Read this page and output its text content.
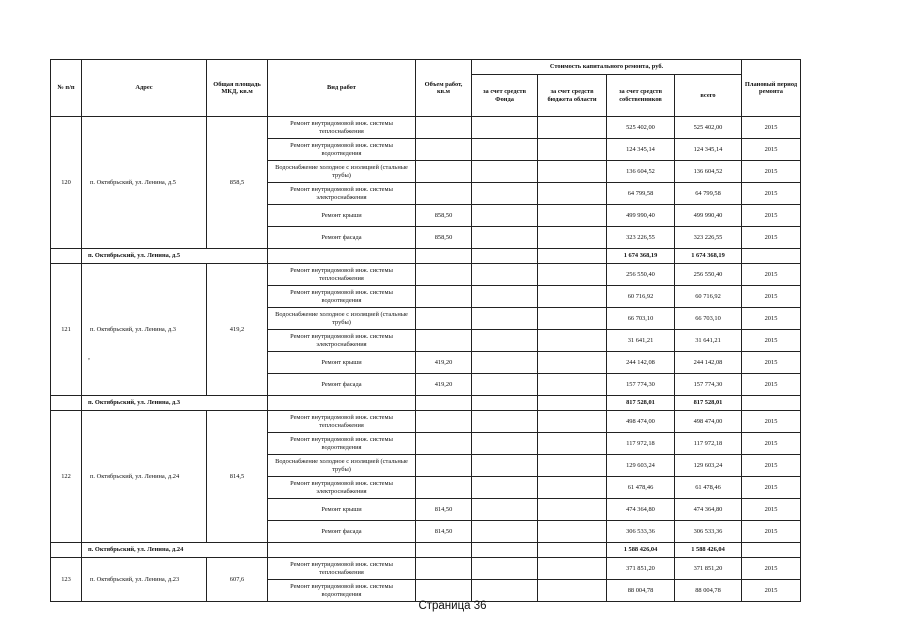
№ п/п	Адрес	Общая площадь МКД, кв.м	Вид работ	Объем работ, кв.м	Стоимость капитального ремонта, руб.				Плановый период ремонта
					за счет средств Фонда	за счет средств бюджета области	за счет средств собственников	всего	
120	п. Октябрьский, ул. Ленина, д.5	858,5	Ремонт внутридомовой инж. системы теплоснабжения				525 402,00	525 402,00	2015
			Ремонт внутридомовой инж. системы водоотведения				124 345,14	124 345,14	2015
			Водоснабжение холодное с изоляцией (стальные трубы)				136 604,52	136 604,52	2015
			Ремонт внутридомовой инж. системы электроснабжения				64 799,58	64 799,58	2015
			Ремонт крыши	858,50			499 990,40	499 990,40	2015
			Ремонт фасада	858,50			323 226,55	323 226,55	2015
	п. Октябрьский, ул. Ленина, д.5						1 674 368,19	1 674 368,19	
121	п. Октябрьский, ул. Ленина, д.3	419,2	Ремонт внутридомовой инж. системы теплоснабжения				256 550,40	256 550,40	2015
			Ремонт внутридомовой инж. системы водоотведения				60 716,92	60 716,92	2015
			Водоснабжение холодное с изоляцией (стальные трубы)				66 703,10	66 703,10	2015
			Ремонт внутридомовой инж. системы электроснабжения				31 641,21	31 641,21	2015
			Ремонт крыши	419,20			244 142,08	244 142,08	2015
			Ремонт фасада	419,20			157 774,30	157 774,30	2015
	п. Октябрьский, ул. Ленина, д.3						817 528,01	817 528,01	
122	п. Октябрьский, ул. Ленина, д.24	814,5	Ремонт внутридомовой инж. системы теплоснабжения				498 474,00	498 474,00	2015
			Ремонт внутридомовой инж. системы водоотведения				117 972,18	117 972,18	2015
			Водоснабжение холодное с изоляцией (стальные трубы)				129 603,24	129 603,24	2015
			Ремонт внутридомовой инж. системы электроснабжения				61 478,46	61 478,46	2015
			Ремонт крыши	814,50			474 364,80	474 364,80	2015
			Ремонт фасада	814,50			306 533,36	306 533,36	2015
	п. Октябрьский, ул. Ленина, д.24						1 588 426,04	1 588 426,04	
123	п. Октябрьский, ул. Ленина, д.23	607,6	Ремонт внутридомовой инж. системы теплоснабжения				371 851,20	371 851,20	2015
			Ремонт внутридомовой инж. системы водоотведения				88 004,78	88 004,78	2015
,
Страница 36
